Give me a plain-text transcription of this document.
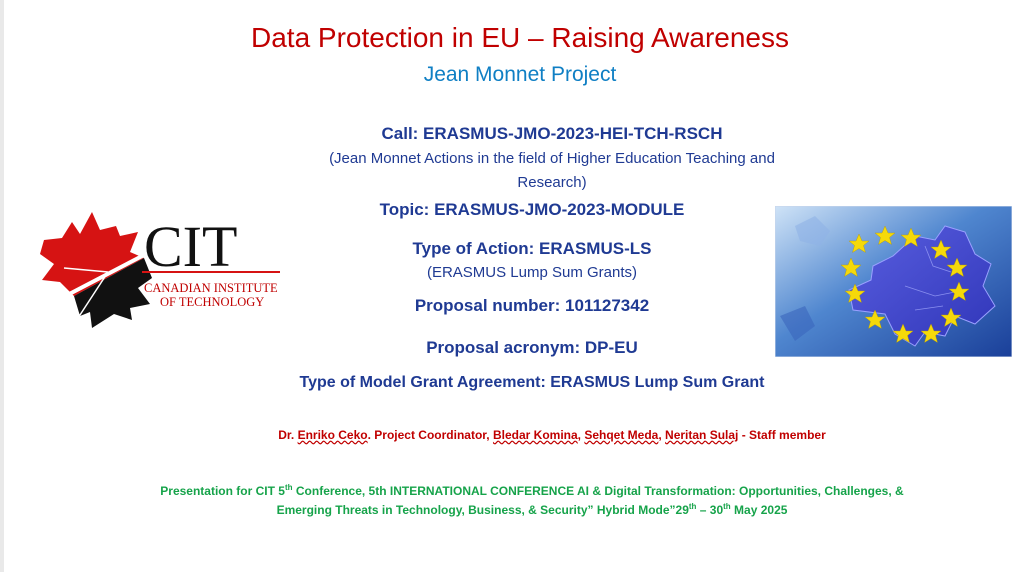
Data Protection in EU – Raising Awareness
Jean Monnet Project
Call: ERASMUS-JMO-2023-HEI-TCH-RSCH
(Jean Monnet Actions in the field of Higher Education Teaching and
Research)
Topic: ERASMUS-JMO-2023-MODULE
Type of Action: ERASMUS-LS
(ERASMUS Lump Sum Grants)
Proposal number: 101127342
Proposal acronym: DP-EU
Type of Model Grant Agreement: ERASMUS Lump Sum Grant
Dr. Enriko Ceko. Project Coordinator, Bledar Komina, Sehqet Meda, Neritan Sulaj - Staff member
Presentation for CIT 5th Conference, 5th INTERNATIONAL CONFERENCE AI & Digital Transformation: Opportunities, Challenges, &
Emerging Threats in Technology, Business, & Security” Hybrid Mode”29th – 30th May 2025
CIT
CANADIAN INSTITUTE
OF TECHNOLOGY
